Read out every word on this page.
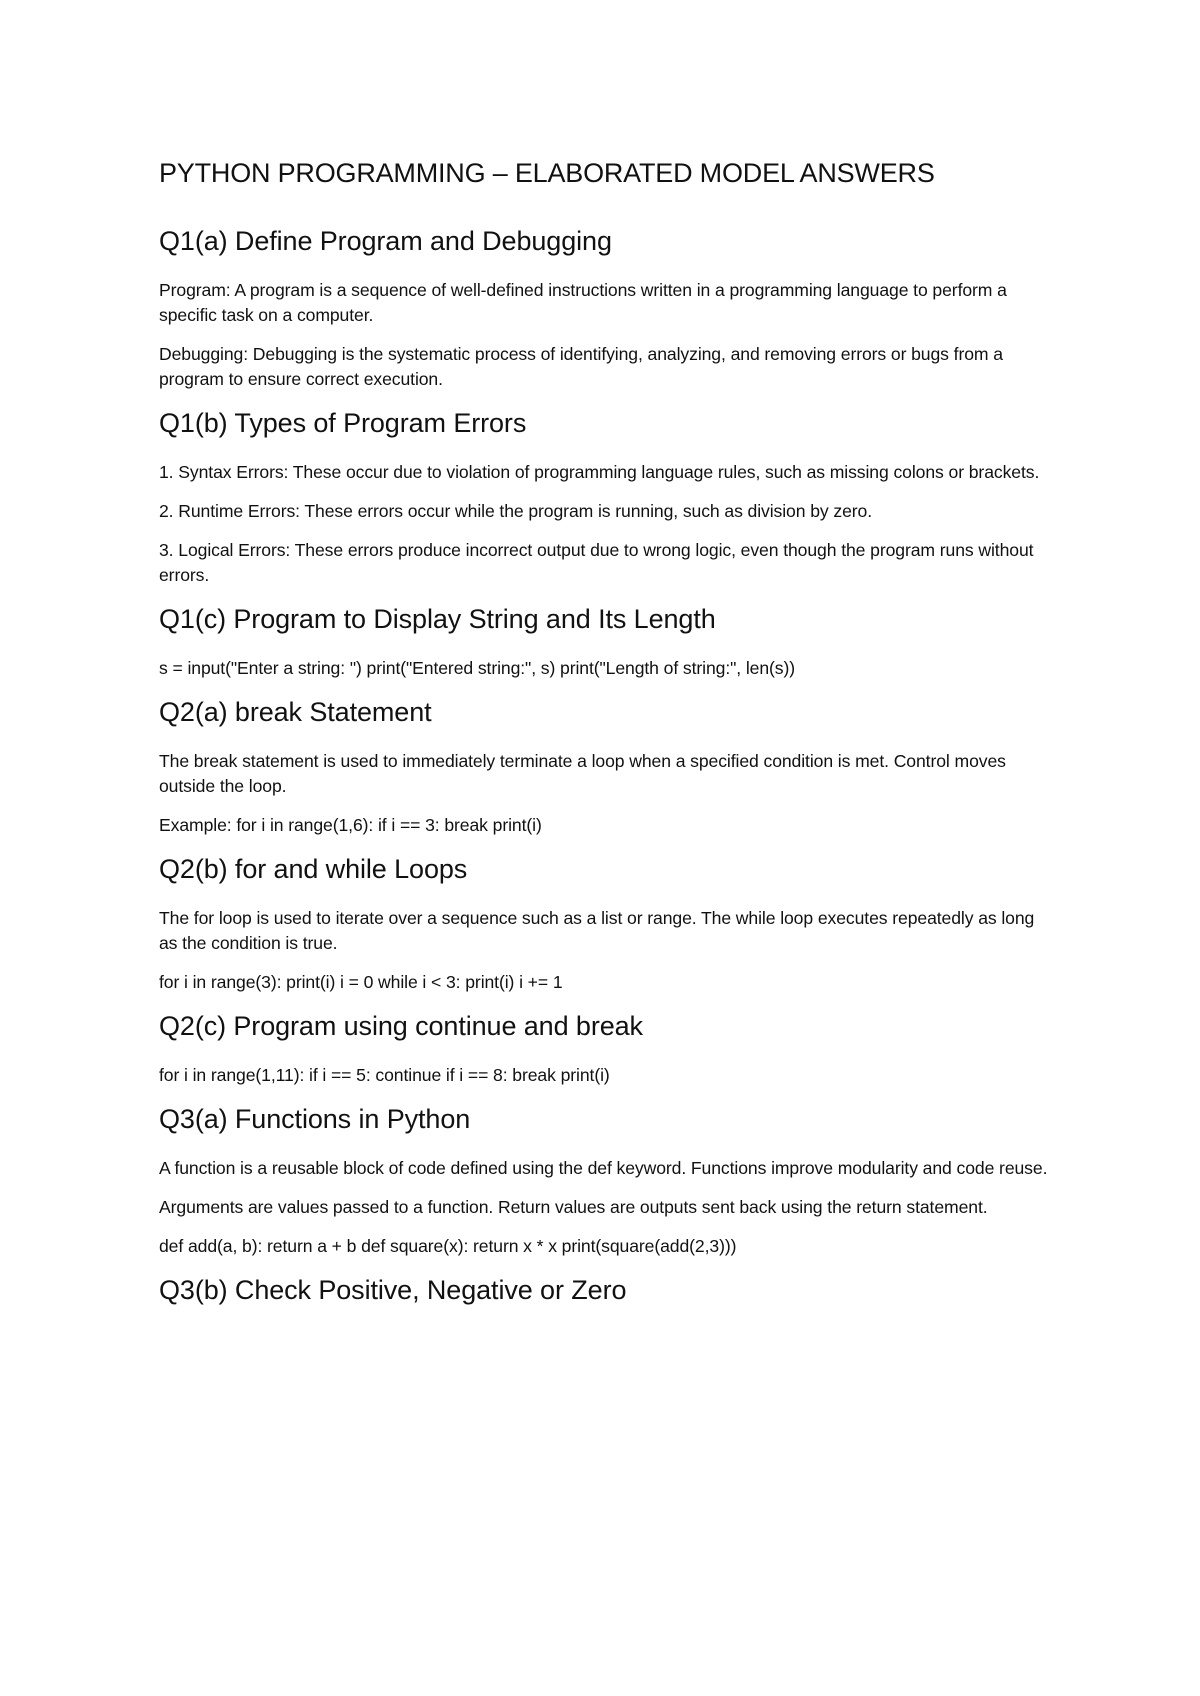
PYTHON PROGRAMMING – ELABORATED MODEL ANSWERS
Q1(a) Define Program and Debugging

Program: A program is a sequence of well-defined instructions written in a programming language to perform a specific task on a computer.

Debugging: Debugging is the systematic process of identifying, analyzing, and removing errors or bugs from a program to ensure correct execution.

Q1(b) Types of Program Errors

1. Syntax Errors: These occur due to violation of programming language rules, such as missing colons or brackets.

2. Runtime Errors: These errors occur while the program is running, such as division by zero.

3. Logical Errors: These errors produce incorrect output due to wrong logic, even though the program runs without errors.

Q1(c) Program to Display String and Its Length

s = input("Enter a string: ") print("Entered string:", s) print("Length of string:", len(s))

Q2(a) break Statement

The break statement is used to immediately terminate a loop when a specified condition is met. Control moves outside the loop.

Example: for i in range(1,6): if i == 3: break print(i)

Q2(b) for and while Loops

The for loop is used to iterate over a sequence such as a list or range. The while loop executes repeatedly as long as the condition is true.

for i in range(3): print(i) i = 0 while i < 3: print(i) i += 1

Q2(c) Program using continue and break

for i in range(1,11): if i == 5: continue if i == 8: break print(i)

Q3(a) Functions in Python

A function is a reusable block of code defined using the def keyword. Functions improve modularity and code reuse.

Arguments are values passed to a function. Return values are outputs sent back using the return statement.

def add(a, b): return a + b def square(x): return x * x print(square(add(2,3)))

Q3(b) Check Positive, Negative or Zero
